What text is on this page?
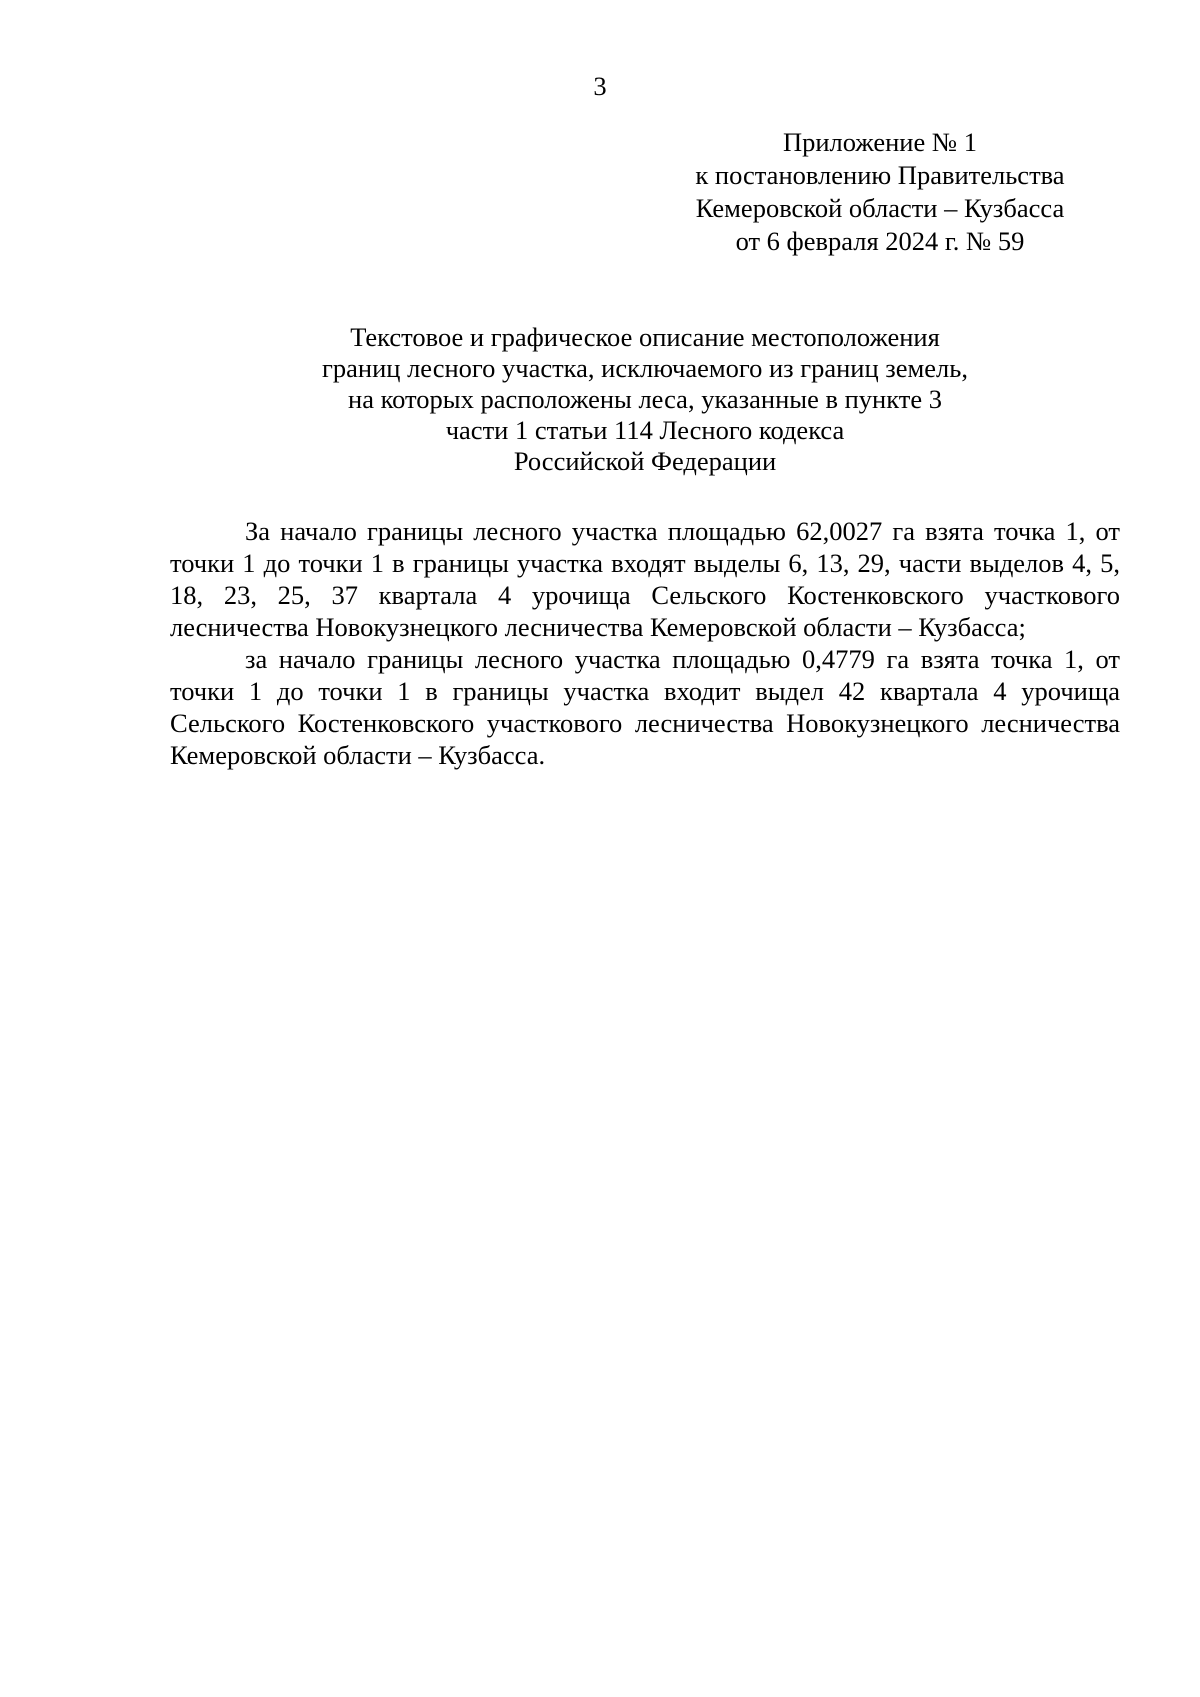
3
Приложение № 1
к постановлению Правительства
Кемеровской области – Кузбасса
от 6 февраля 2024 г. № 59
Текстовое и графическое описание местоположения
границ лесного участка, исключаемого из границ земель,
на которых расположены леса, указанные в пункте 3
части 1 статьи 114 Лесного кодекса
Российской Федерации

За начало границы лесного участка площадью 62,0027 га взята точка 1, от точки 1 до точки 1 в границы участка входят выделы 6, 13, 29, части выделов 4, 5, 18, 23, 25, 37 квартала 4 урочища Сельского Костенковского участкового лесничества Новокузнецкого лесничества Кемеровской области – Кузбасса;

за начало границы лесного участка площадью 0,4779 га взята точка 1, от точки 1 до точки 1 в границы участка входит выдел 42 квартала 4 урочища Сельского Костенковского участкового лесничества Новокузнецкого лесничества Кемеровской области – Кузбасса.
